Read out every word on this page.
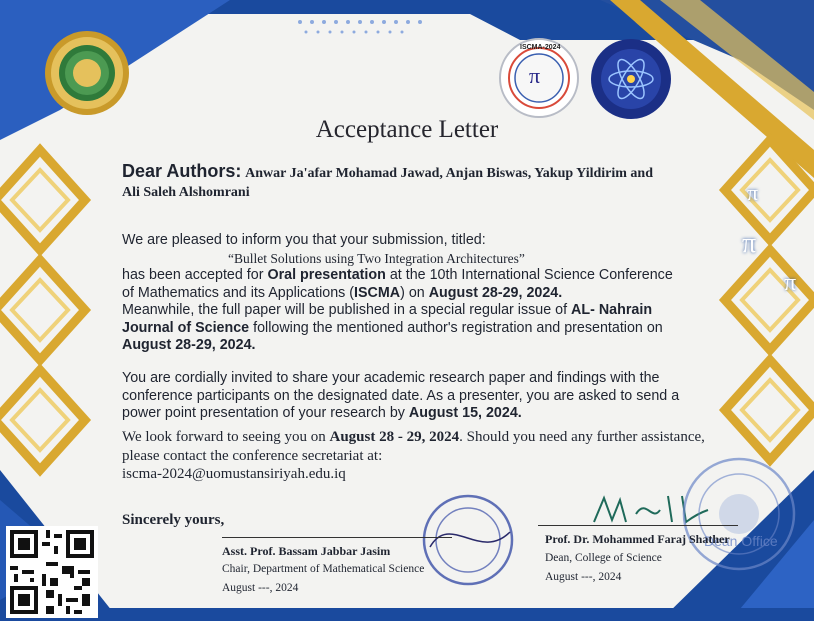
π
π
π
ISCMA-2024
π
Acceptance Letter
Dear Authors: Anwar Ja'afar Mohamad Jawad, Anjan Biswas, Yakup Yildirim and
Ali Saleh Alshomrani
We are pleased to inform you that your submission, titled:
“Bullet Solutions using Two Integration Architectures”
has been accepted for Oral presentation at the 10th International Science Conference
of Mathematics and its Applications (ISCMA) on August 28-29, 2024.
Meanwhile, the full paper will be published in a special regular issue of AL- Nahrain
Journal of Science following the mentioned author's registration and presentation on
August 28-29, 2024.
You are cordially invited to share your academic research paper and findings with the conference participants on the designated date. As a presenter, you are asked to send a power point presentation of your research by August 15, 2024.
We look forward to seeing you on August 28 - 29, 2024. Should you need any further assistance, please contact the conference secretariat at:
iscma-2024@uomustansiriyah.edu.iq
Sincerely yours,
Asst. Prof. Bassam Jabbar Jasim
Chair, Department of Mathematical Science
August ---, 2024
Dean Office
Prof. Dr. Mohammed Faraj Shather
Dean, College of Science
August ---, 2024
